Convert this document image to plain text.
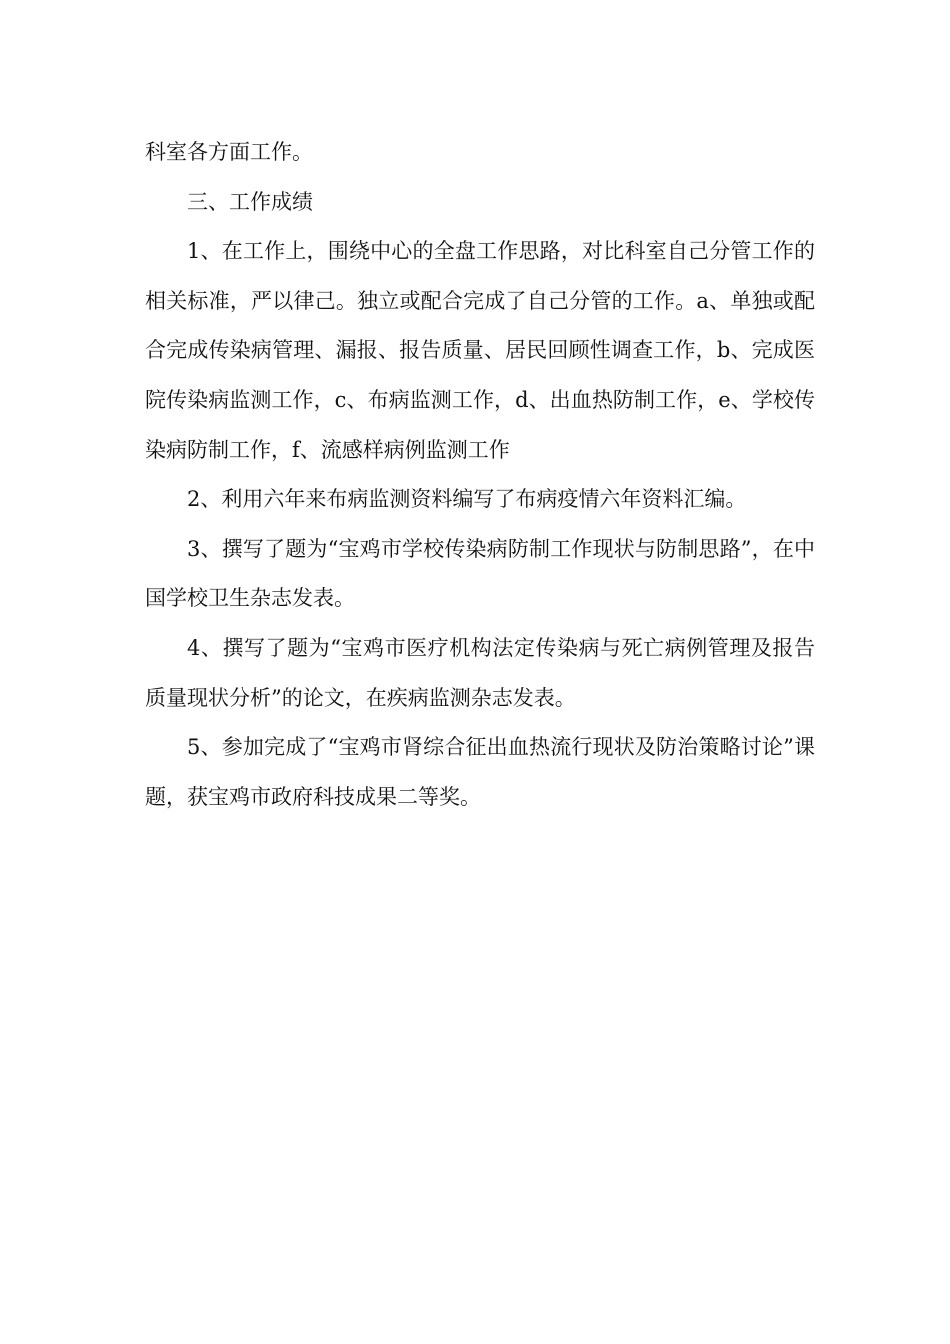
科室各方面工作。

三、工作成绩

1、在工作上，围绕中心的全盘工作思路，对比科室自己分管工作的相关标准，严以律己。独立或配合完成了自己分管的工作。a、单独或配合完成传染病管理、漏报、报告质量、居民回顾性调查工作，b、完成医院传染病监测工作，c、布病监测工作，d、出血热防制工作，e、学校传染病防制工作，f、流感样病例监测工作

2、利用六年来布病监测资料编写了布病疫情六年资料汇编。

3、撰写了题为“宝鸡市学校传染病防制工作现状与防制思路”，在中国学校卫生杂志发表。

4、撰写了题为“宝鸡市医疗机构法定传染病与死亡病例管理及报告质量现状分析”的论文，在疾病监测杂志发表。

5、参加完成了“宝鸡市肾综合征出血热流行现状及防治策略讨论”课题，获宝鸡市政府科技成果二等奖。
